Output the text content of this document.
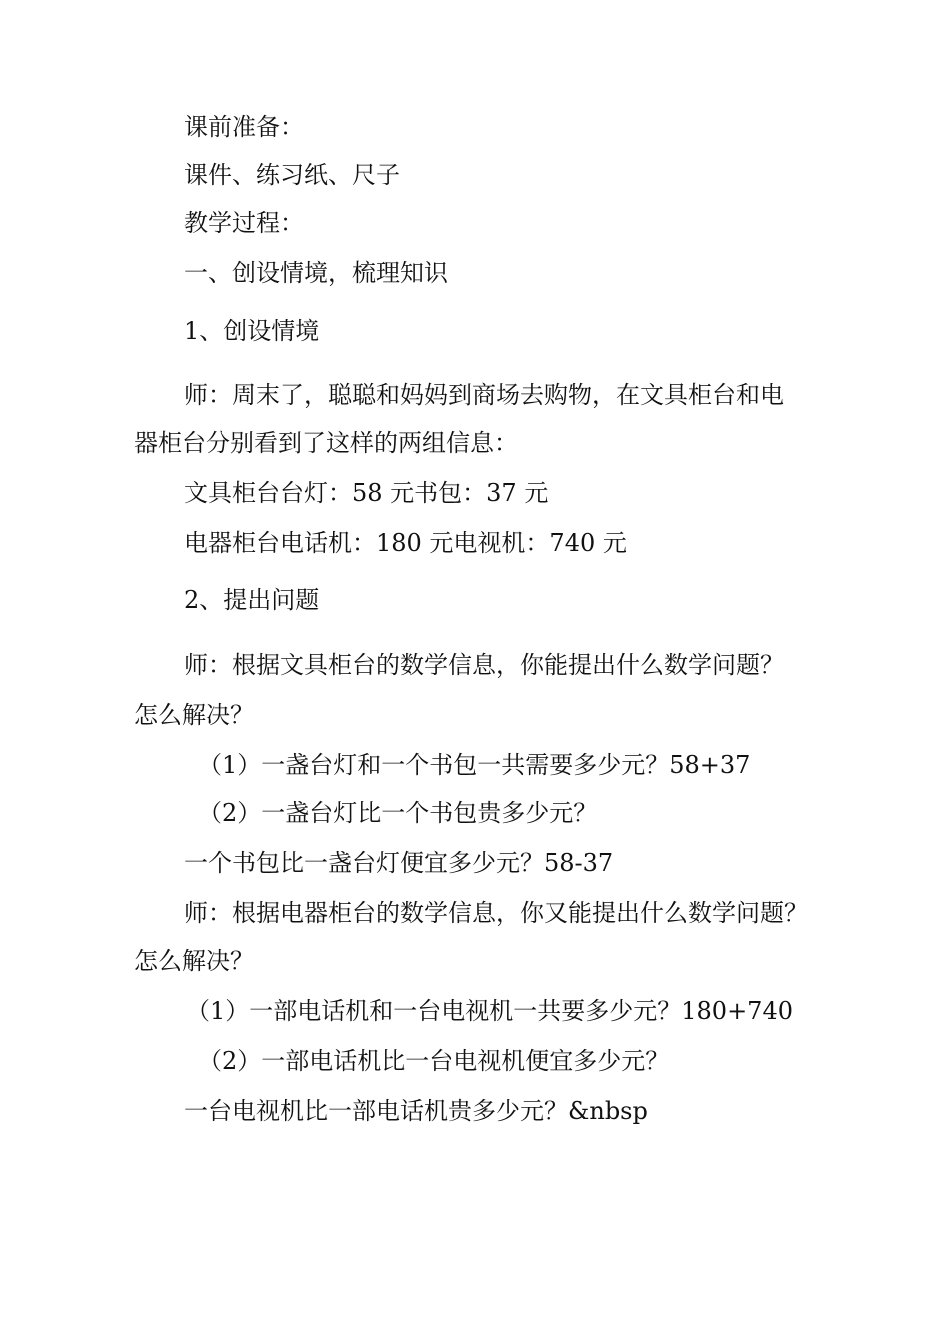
课前准备：
课件、练习纸、尺子
教学过程：
一、创设情境，梳理知识
1、创设情境
师：周末了，聪聪和妈妈到商场去购物，在文具柜台和电
器柜台分别看到了这样的两组信息：
文具柜台台灯：58 元书包：37 元
电器柜台电话机：180 元电视机：740 元
2、提出问题
师：根据文具柜台的数学信息，你能提出什么数学问题？
怎么解决？
（1）一盏台灯和一个书包一共需要多少元？58+37
（2）一盏台灯比一个书包贵多少元？
一个书包比一盏台灯便宜多少元？58-37
师：根据电器柜台的数学信息，你又能提出什么数学问题？
怎么解决？
（1）一部电话机和一台电视机一共要多少元？180+740
（2）一部电话机比一台电视机便宜多少元？
一台电视机比一部电话机贵多少元？&nbsp
